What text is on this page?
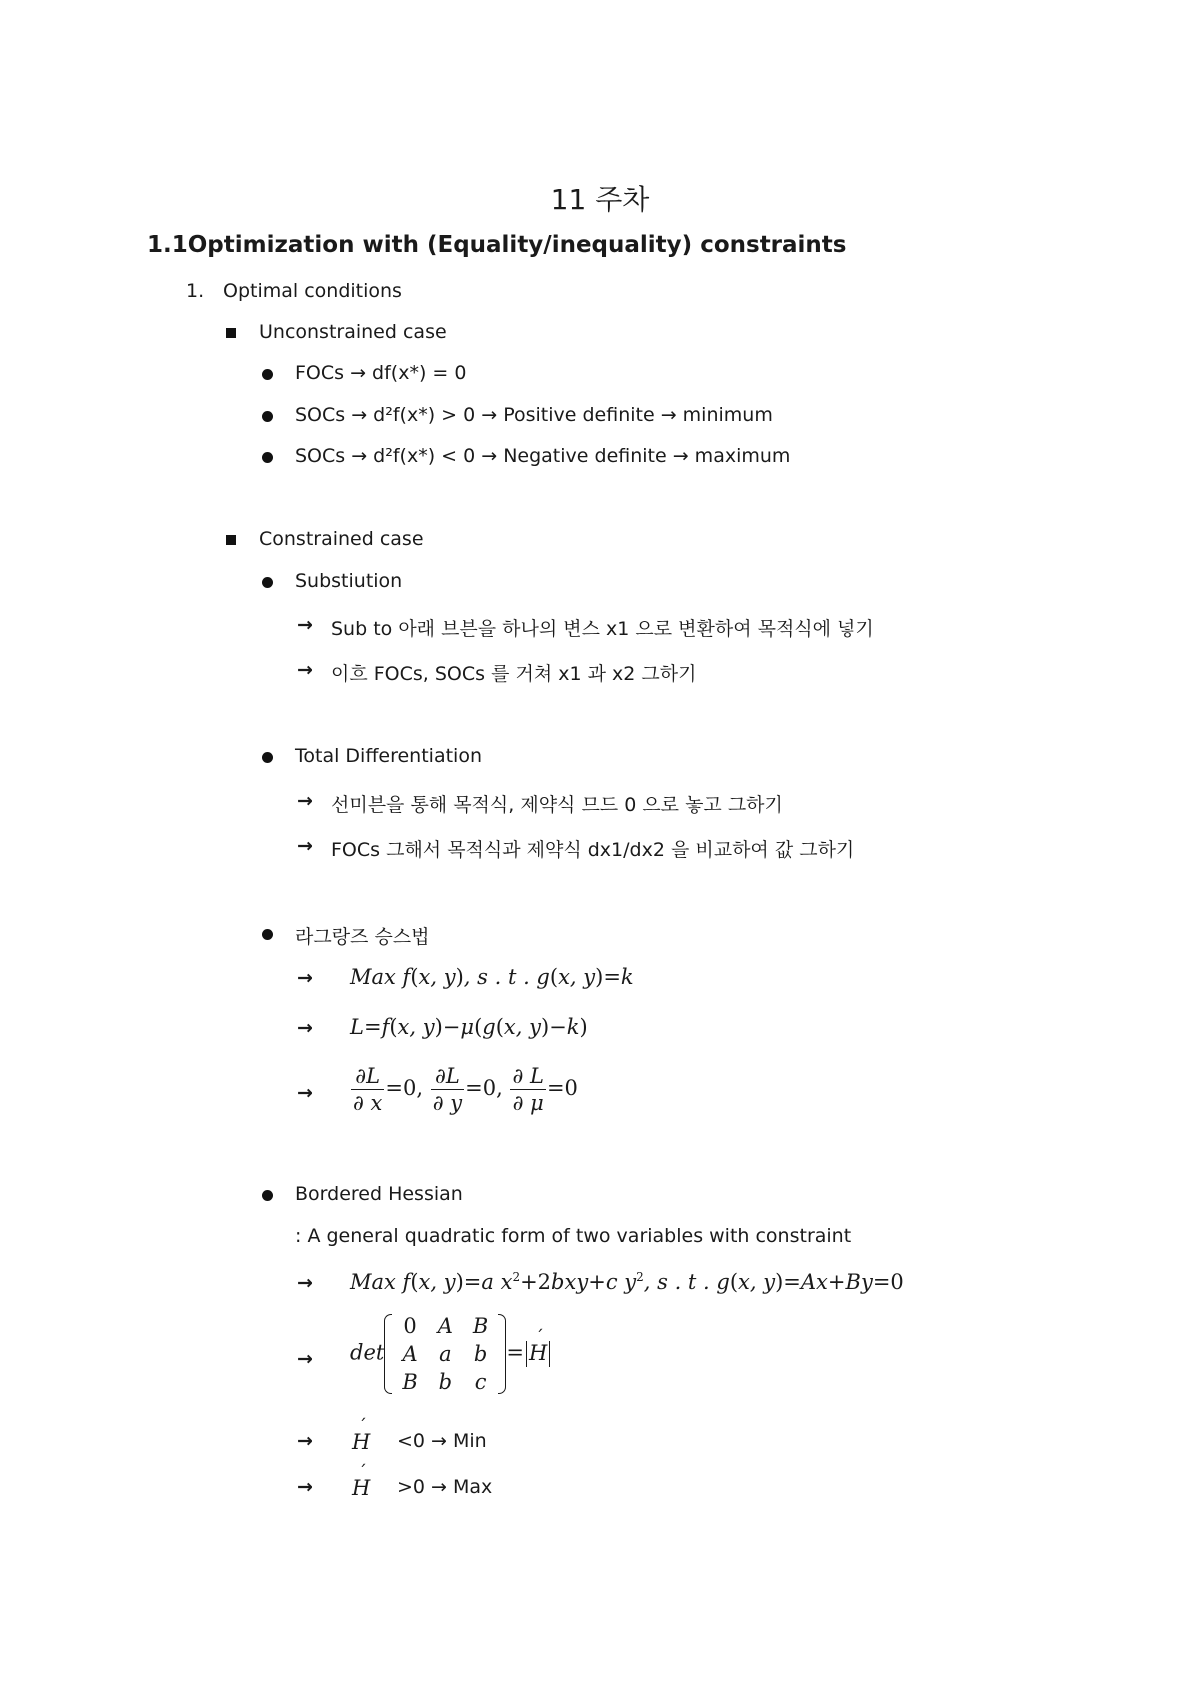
11 주차
1.1Optimization with (Equality/inequality) constraints
1. Optimal conditions
Unconstrained case
FOCs → df(x*) = 0
SOCs → d²f(x*) > 0 → Positive definite → minimum
SOCs → d²f(x*) < 0 → Negative definite → maximum
Constrained case
Substiution
→ Sub to 아래 브븐을 하나의 변스 x1 으로 변환하여 목적식에 넣기
→ 이흐 FOCs, SOCs 를 거쳐 x1 과 x2 그하기
Total Differentiation
→ 선미븐을 통해 목적식, 제약식 므드 0 으로 놓고 그하기
→ FOCs 그해서 목적식과 제약식 dx1/dx2 을 비교하여 값 그하기
라그랑즈 승스법
→ Max f(x, y), s . t . g(x, y)=k
→ L=f(x, y)−μ(g(x, y)−k)
→ $\frac{\partial L}{\partial x} =0$, $\frac{\partial L}{\partial y} =0$, $\frac{\partial L}{\partial \mu} =0$
Bordered Hessian
: A general quadratic form of two variables with constraint
→ Max f(x, y)=a $x^2+2bxy+c$ $y^2$, s . t . g(x, y)=Ax+By=0
→ det
0	A	B
A	a	b
B	b	c
= ´ H
→ ´ H <0 → Min
→ ´ H >0 → Max
